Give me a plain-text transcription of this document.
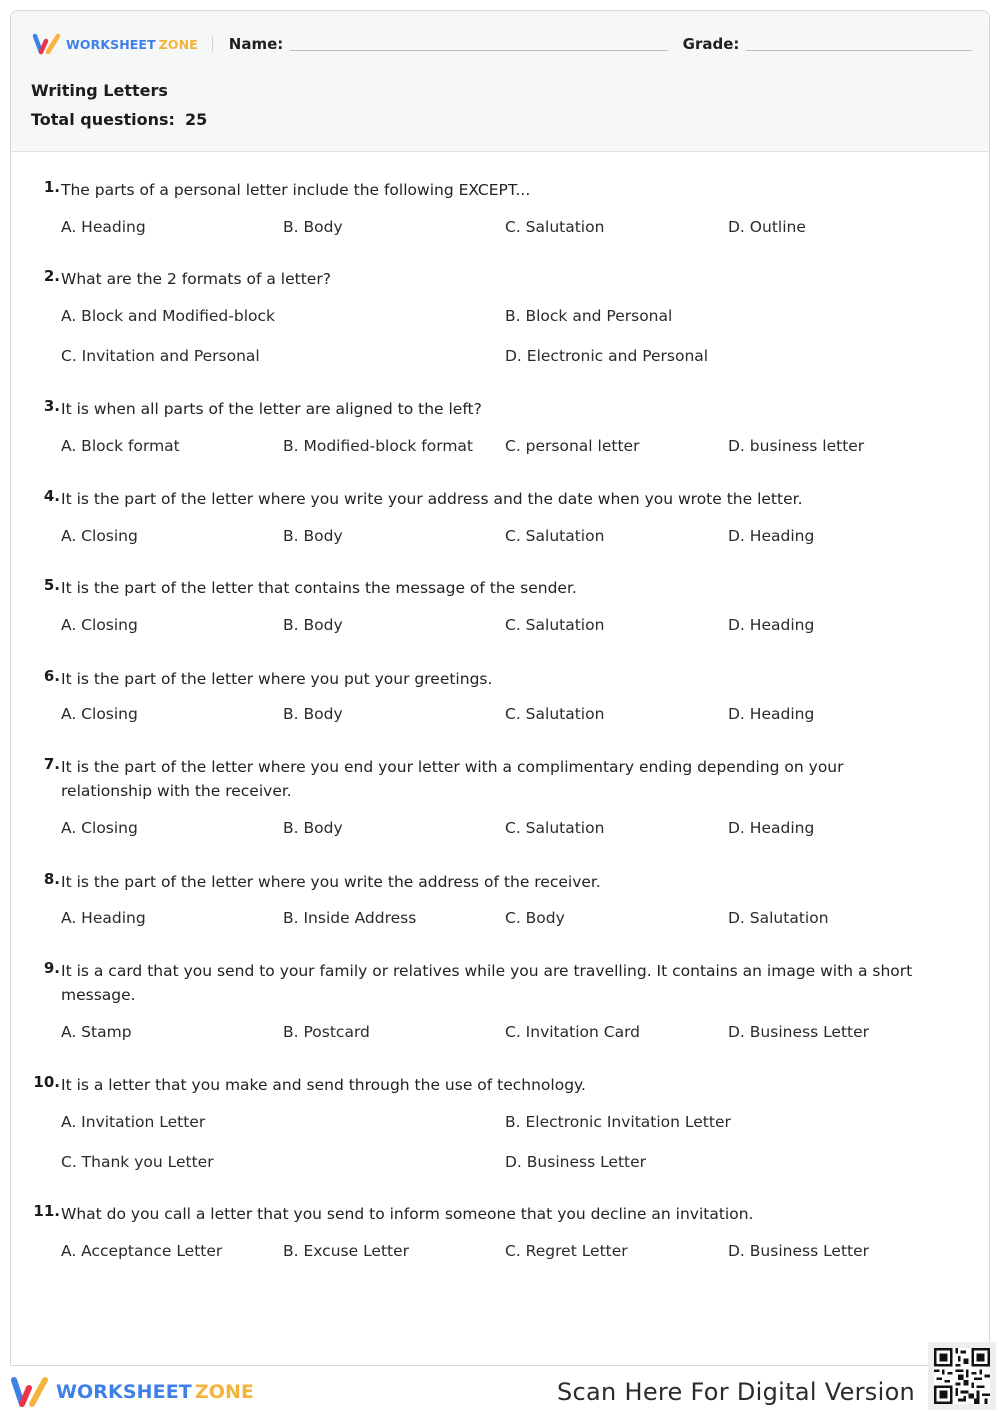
WORKSHEET ZONE Name:	Grade:
Writing Letters
Total questions: 25
1. The parts of a personal letter include the following EXCEPT...
A. Heading	B. Body	C. Salutation	D. Outline
2. What are the 2 formats of a letter?
A. Block and Modified-block	B. Block and Personal
C. Invitation and Personal	D. Electronic and Personal
3. It is when all parts of the letter are aligned to the left?
A. Block format	B. Modified-block format C. personal letter	D. business letter
4. It is the part of the letter where you write your address and the date when you wrote the letter.
A. Closing	B. Body	C. Salutation	D. Heading
5. It is the part of the letter that contains the message of the sender.
A. Closing	B. Body	C. Salutation	D. Heading
6. It is the part of the letter where you put your greetings.
A. Closing	B. Body	C. Salutation	D. Heading
7. It is the part of the letter where you end your letter with a complimentary ending depending on your relationship with the receiver.
A. Closing	B. Body	C. Salutation	D. Heading
8. It is the part of the letter where you write the address of the receiver.
A. Heading	B. Inside Address	C. Body	D. Salutation
9. It is a card that you send to your family or relatives while you are travelling. It contains an image with a short message.
A. Stamp	B. Postcard	C. Invitation Card	D. Business Letter
10. It is a letter that you make and send through the use of technology.
A. Invitation Letter	B. Electronic Invitation Letter
C. Thank you Letter	D. Business Letter
11. What do you call a letter that you send to inform someone that you decline an invitation.
A. Acceptance Letter	B. Excuse Letter	C. Regret Letter	D. Business Letter
WORKSHEET ZONE	Scan Here For Digital Version
